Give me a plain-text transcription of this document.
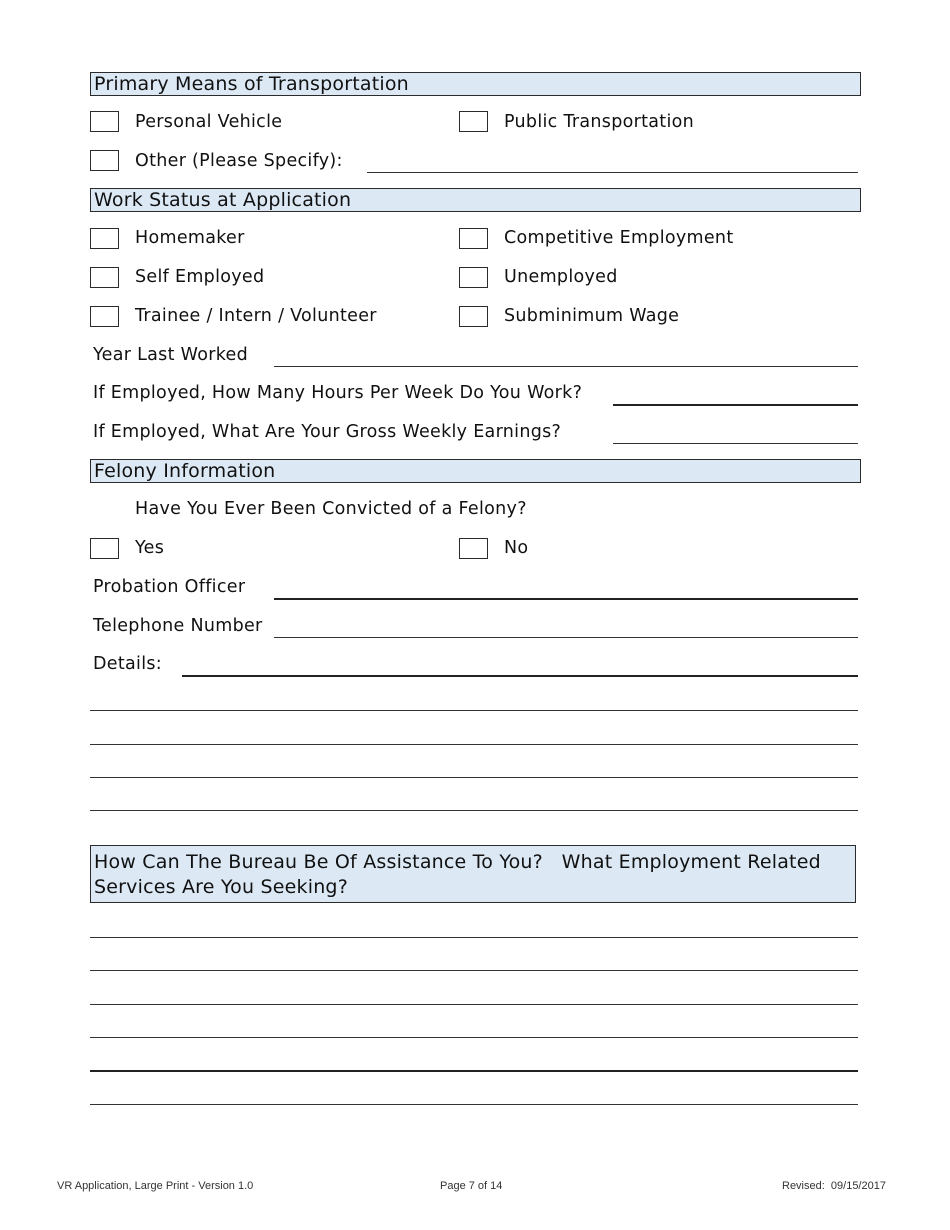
Primary Means of Transportation
Personal Vehicle	Public Transportation
Other (Please Specify):
Work Status at Application
Homemaker	Competitive Employment
Self Employed	Unemployed
Trainee / Intern / Volunteer	Subminimum Wage
Year Last Worked
If Employed, How Many Hours Per Week Do You Work?
If Employed, What Are Your Gross Weekly Earnings?
Felony Information
Have You Ever Been Convicted of a Felony?
Yes	No
Probation Officer
Telephone Number
Details:
How Can The Bureau Be Of Assistance To You?   What Employment Related
Services Are You Seeking?
VR Application, Large Print - Version 1.0	Page 7 of 14	Revised:  09/15/2017
